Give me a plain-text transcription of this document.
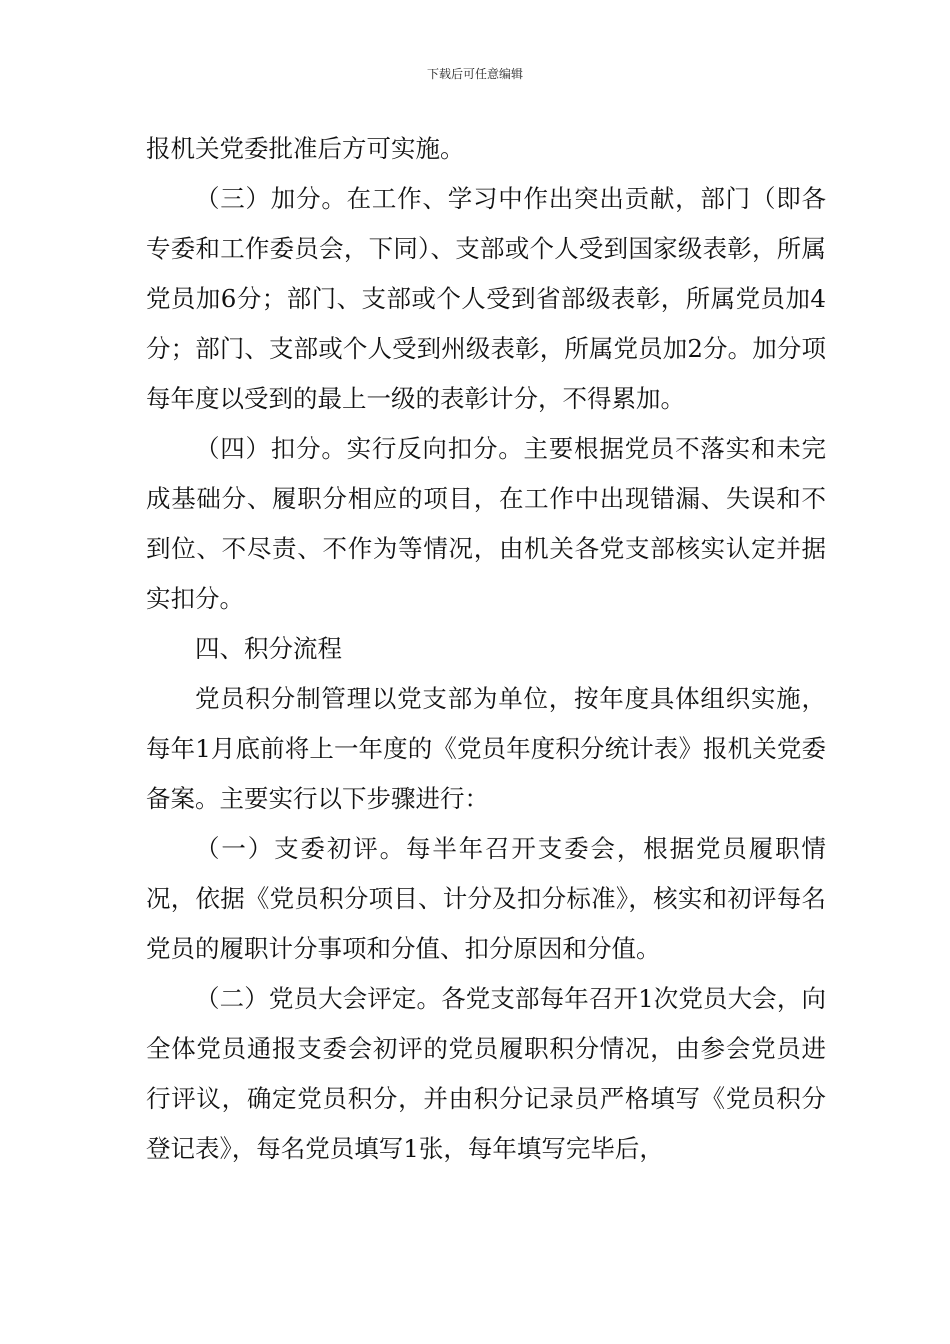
下载后可任意编辑

报机关党委批准后方可实施。

（三）加分。在工作、学习中作出突出贡献，部门（即各专委和工作委员会，下同）、支部或个人受到国家级表彰，所属党员加6分；部门、支部或个人受到省部级表彰，所属党员加4分；部门、支部或个人受到州级表彰，所属党员加2分。加分项每年度以受到的最上一级的表彰计分，不得累加。

（四）扣分。实行反向扣分。主要根据党员不落实和未完成基础分、履职分相应的项目，在工作中出现错漏、失误和不到位、不尽责、不作为等情况，由机关各党支部核实认定并据实扣分。

四、积分流程

党员积分制管理以党支部为单位，按年度具体组织实施，每年1月底前将上一年度的《党员年度积分统计表》报机关党委备案。主要实行以下步骤进行：

（一）支委初评。每半年召开支委会，根据党员履职情况，依据《党员积分项目、计分及扣分标准》，核实和初评每名党员的履职计分事项和分值、扣分原因和分值。

（二）党员大会评定。各党支部每年召开1次党员大会，向全体党员通报支委会初评的党员履职积分情况，由参会党员进行评议，确定党员积分，并由积分记录员严格填写《党员积分登记表》，每名党员填写1张，每年填写完毕后，
